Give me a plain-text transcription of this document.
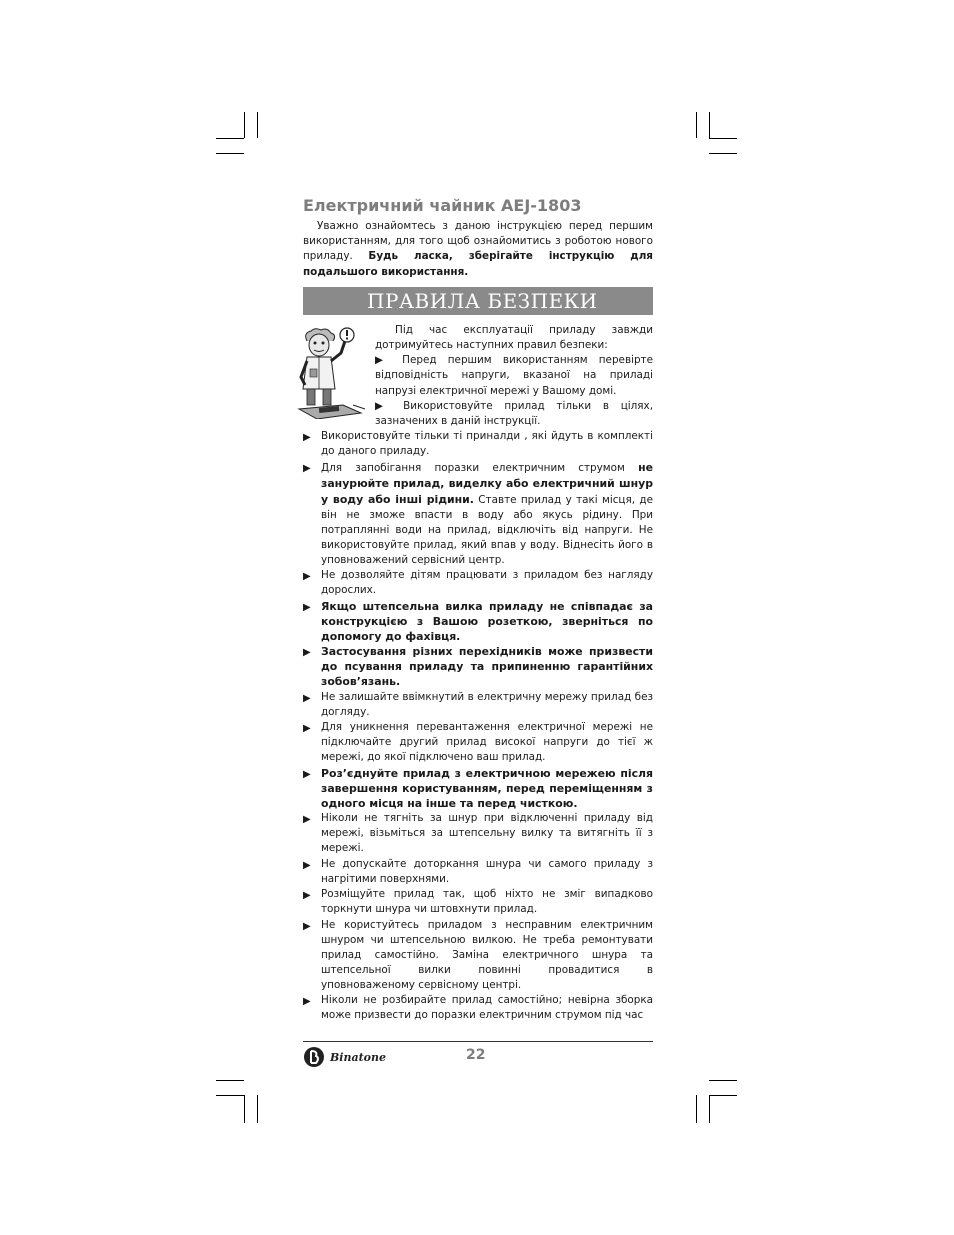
Електричний чайник AEJ-1803

Уважно ознайомтесь з даною інструкцією перед першим використанням, для того щоб ознайомитись з роботою нового приладу. Будь ласка, зберігайте інструкцію для подальшого використання.

ПРАВИЛА БЕЗПЕКИ

Під час експлуатації приладу завжди дотримуйтесь наступних правил безпеки:

▶ Перед першим використанням перевірте відповідність напруги, вказаної на приладі напрузі електричної мережі у Вашому домі.

▶ Використовуйте прилад тільки в цілях, зазначених в даній інструкції.

▶ Використовуйте тільки ті приналди , які йдуть в комплекті до даного приладу.
▶ Для запобігання поразки електричним струмом не занурюйте прилад, виделку або електричний шнур у воду або інші рідини. Ставте прилад у такі місця, де він не зможе впасти в воду або якусь рідину. При потраплянні води на прилад, відключіть від напруги. Не використовуйте прилад, який впав у воду. Віднесіть його в уповноважений сервісний центр.
▶ Не дозволяйте дітям працювати з приладом без нагляду дорослих.
▶ Якщо штепсельна вилка приладу не співпадає за конструкцією з Вашою розеткою, зверніться по допомогу до фахівця.
▶ Застосування різних перехідників може призвести до псування приладу та припиненню гарантійних зобов’язань.
▶ Не залишайте ввімкнутий в електричну мережу прилад без догляду.
▶ Для уникнення перевантаження електричної мережі не підключайте другий прилад високої напруги до тієї ж мережі, до якої підключено ваш прилад.
▶ Роз’єднуйте прилад з електричною мережею після завершення користуванням, перед переміщенням з одного місця на інше та перед чисткою.
▶ Ніколи не тягніть за шнур при відключенні приладу від мережі, візьміться за штепсельну вилку та витягніть її з мережі.
▶ Не допускайте доторкання шнура чи самого приладу з нагрітими поверхнями.
▶ Розміщуйте прилад так, щоб ніхто не зміг випадково торкнути шнура чи штовхнути прилад.
▶ Не користуйтесь приладом з несправним електричним шнуром чи штепсельною вилкою. Не треба ремонтувати прилад самостійно. Заміна електричного шнура та штепсельної вилки повинні провадитися в уповноваженому сервісному центрі.
▶ Ніколи не розбирайте прилад самостійно; невірна зборка може призвести до поразки електричним струмом під час
Binatone	22
